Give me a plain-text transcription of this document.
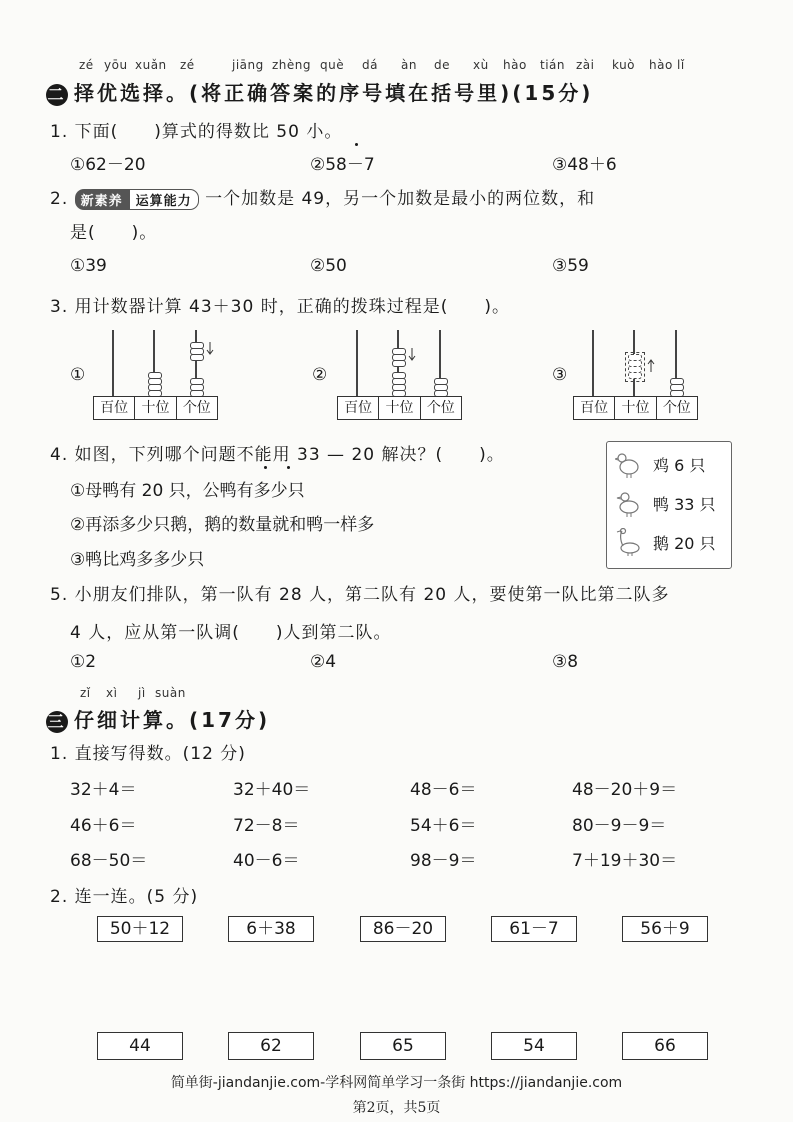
zé yōu xuǎn zé	jiāng zhèng què dá àn de xù hào tián zài kuò hào lǐ
二 择优选择。(将正确答案的序号填在括号里)(15分)
1. 下面(　　)算式的得数比 50 小。
①62－20	②58－7	③48＋6
2. 新素养 运算能力 一个加数是 49，另一个加数是最小的两位数，和
是(　　)。
①39	②50	③59
3. 用计数器计算 43＋30 时，正确的拨珠过程是(　　)。
①
百位 十位 个位
②
百位 十位 个位
③
百位 十位 个位
4. 如图，下列哪个问题不能用 33 — 20 解决？(　　)。
①母鸭有 20 只，公鸭有多少只
②再添多少只鹅，鹅的数量就和鸭一样多
③鸭比鸡多多少只
鸡 6 只
鸭 33 只
鹅 20 只
5. 小朋友们排队，第一队有 28 人，第二队有 20 人，要使第一队比第二队多
4 人，应从第一队调(　　)人到第二队。
①2	②4	③8
zǐ xì jì suàn
三 仔细计算。(17分)
1. 直接写得数。(12 分)
32＋4＝	32＋40＝	48－6＝	48－20＋9＝
46＋6＝	72－8＝	54＋6＝	80－9－9＝
68－50＝	40－6＝	98－9＝	7＋19＋30＝
2. 连一连。(5 分)
50＋12	6＋38	86－20	61－7	56＋9
44	62	65	54	66
简单街-jiandanjie.com-学科网简单学习一条街 https://jiandanjie.com
第2页，共5页
